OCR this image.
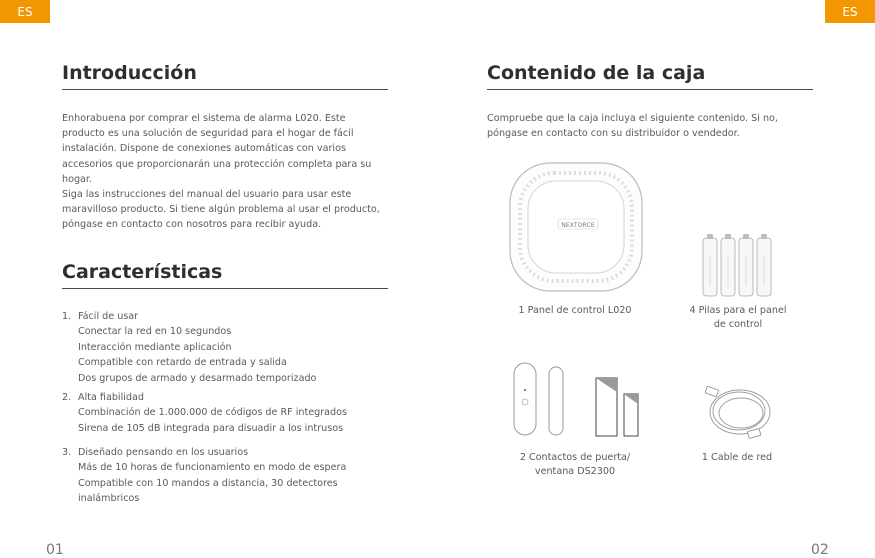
ES	ES
Introducción

Enhorabuena por comprar el sistema de alarma L020. Este producto es una solución de seguridad para el hogar de fácil instalación. Dispone de conexiones automáticas con varios accesorios que proporcionarán una protección completa para su hogar.

Siga las instrucciones del manual del usuario para usar este maravilloso producto. Si tiene algún problema al usar el producto, póngase en contacto con nosotros para recibir ayuda.

Características
1. Fácil de usar
Conectar la red en 10 segundos
Interacción mediante aplicación
Compatible con retardo de entrada y salida
Dos grupos de armado y desarmado temporizado
2. Alta fiabilidad
Combinación de 1.000.000 de códigos de RF integrados
Sirena de 105 dB integrada para disuadir a los intrusos
3. Diseñado pensando en los usuarios
Más de 10 horas de funcionamiento en modo de espera
Compatible con 10 mandos a distancia, 30 detectores inalámbricos
Contenido de la caja

Compruebe que la caja incluya el siguiente contenido. Si no, póngase en contacto con su distribuidor o vendedor.

NEXTORCE
1 Panel de control L020	4 Pilas para el panel de control
2 Contactos de puerta/ ventana DS2300
1 Cable de red
01	02
